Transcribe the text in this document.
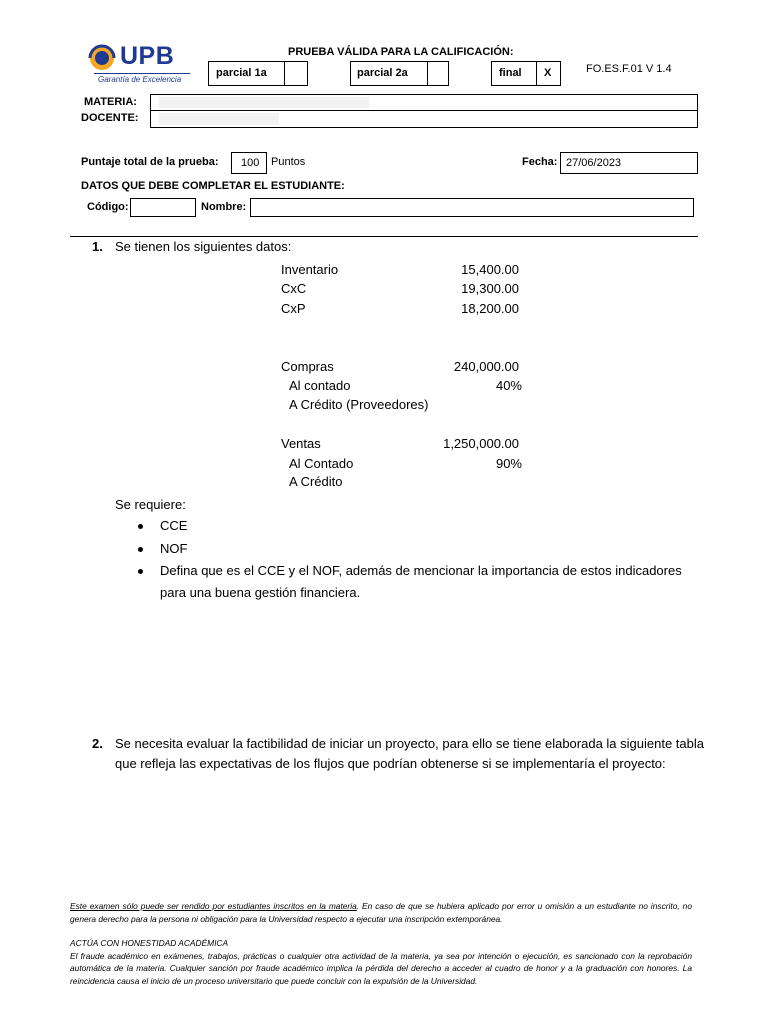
UPB
Garantía de Excelencia
PRUEBA VÁLIDA PARA LA CALIFICACIÓN:
parcial 1a	parcial 2a	final X	FO.ES.F.01 V 1.4
MATERIA:
DOCENTE:
Puntaje total de la prueba: 100 Puntos	Fecha: 27/06/2023
DATOS QUE DEBE COMPLETAR EL ESTUDIANTE:
Código:	Nombre:
1. Se tienen los siguientes datos:
Inventario	15,400.00
CxC	19,300.00
CxP	18,200.00
Compras	240,000.00
Al contado	40%
A Crédito (Proveedores)
Ventas	1,250,000.00
Al Contado	90%
A Crédito
Se requiere:
CCE
NOF
Defina que es el CCE y el NOF, además de mencionar la importancia de estos indicadores
para una buena gestión financiera.
2. Se necesita evaluar la factibilidad de iniciar un proyecto, para ello se tiene elaborada la siguiente tabla
que refleja las expectativas de los flujos que podrían obtenerse si se implementaría el proyecto:
Este examen sólo puede ser rendido por estudiantes inscritos en la materia. En caso de que se hubiera aplicado por error u omisión a un estudiante no inscrito, no genera derecho para la persona ni obligación para la Universidad respecto a ejecutar una inscripción extemporánea.
ACTÚA CON HONESTIDAD ACADÉMICA
El fraude académico en exámenes, trabajos, prácticas o cualquier otra actividad de la materia, ya sea por intención o ejecución, es sancionado con la reprobación automática de la materia. Cualquier sanción por fraude académico implica la pérdida del derecho a acceder al cuadro de honor y a la graduación con honores. La reincidencia causa el inicio de un proceso universitario que puede concluir con la expulsión de la Universidad.
